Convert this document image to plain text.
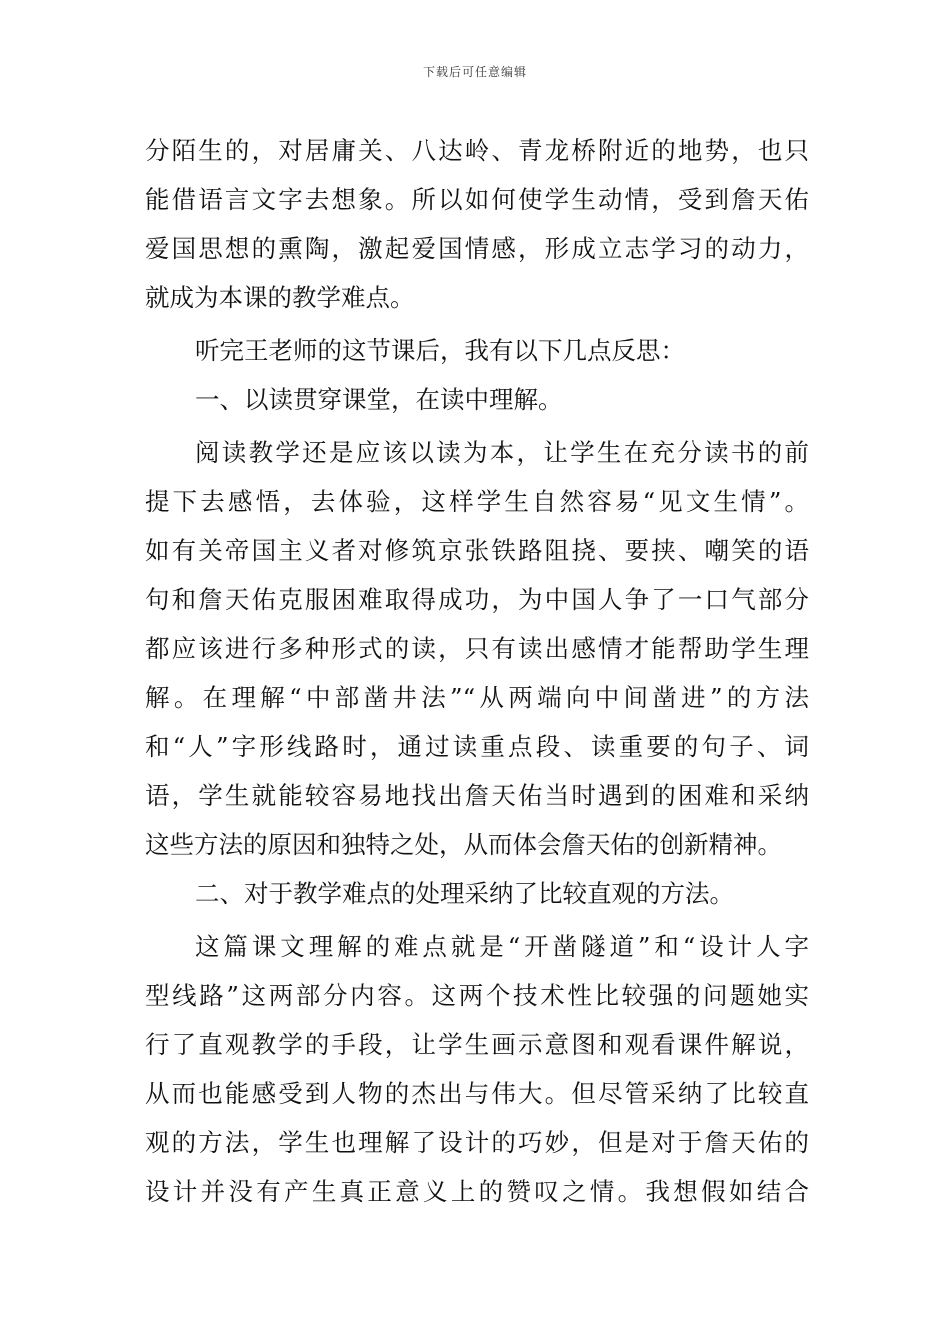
下载后可任意编辑
分陌生的，对居庸关、八达岭、青龙桥附近的地势，也只
能借语言文字去想象。所以如何使学生动情，受到詹天佑
爱国思想的熏陶，激起爱国情感，形成立志学习的动力，
就成为本课的教学难点。
听完王老师的这节课后，我有以下几点反思：
一、以读贯穿课堂，在读中理解。
阅读教学还是应该以读为本，让学生在充分读书的前
提下去感悟，去体验，这样学生自然容易“见文生情”。
如有关帝国主义者对修筑京张铁路阻挠、要挟、嘲笑的语
句和詹天佑克服困难取得成功，为中国人争了一口气部分
都应该进行多种形式的读，只有读出感情才能帮助学生理
解。在理解“中部凿井法”“从两端向中间凿进”的方法
和“人”字形线路时，通过读重点段、读重要的句子、词
语，学生就能较容易地找出詹天佑当时遇到的困难和采纳
这些方法的原因和独特之处，从而体会詹天佑的创新精神。
二、对于教学难点的处理采纳了比较直观的方法。
这篇课文理解的难点就是“开凿隧道”和“设计人字
型线路”这两部分内容。这两个技术性比较强的问题她实
行了直观教学的手段，让学生画示意图和观看课件解说，
从而也能感受到人物的杰出与伟大。但尽管采纳了比较直
观的方法，学生也理解了设计的巧妙，但是对于詹天佑的
设计并没有产生真正意义上的赞叹之情。我想假如结合
